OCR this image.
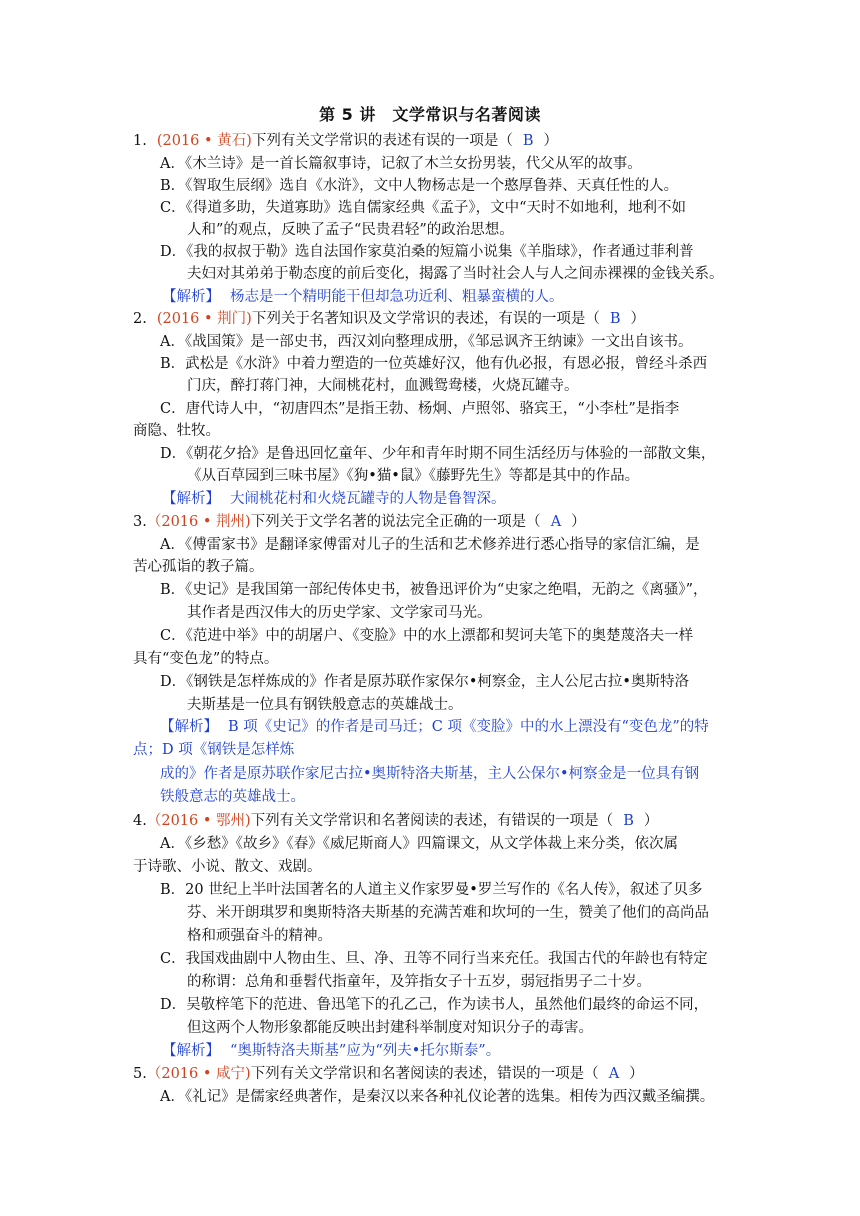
第 5 讲　文学常识与名著阅读
1. (2016 • 黄石)下列有关文学常识的表述有误的一项是（ B ）
A．《木兰诗》是一首长篇叙事诗，记叙了木兰女扮男装，代父从军的故事。
B．《智取生辰纲》选自《水浒》，文中人物杨志是一个憨厚鲁莽、天真任性的人。
C．《得道多助，失道寡助》选自儒家经典《孟子》，文中“天时不如地利，地利不如
人和”的观点，反映了孟子“民贵君轻”的政治思想。
D．《我的叔叔于勒》选自法国作家莫泊桑的短篇小说集《羊脂球》，作者通过菲利普
夫妇对其弟弟于勒态度的前后变化，揭露了当时社会人与人之间赤裸裸的金钱关系。
【解析】 杨志是一个精明能干但却急功近利、粗暴蛮横的人。
2. (2016 • 荆门)下列关于名著知识及文学常识的表述，有误的一项是（ B ）
A．《战国策》是一部史书，西汉刘向整理成册，《邹忌讽齐王纳谏》一文出自该书。
B．武松是《水浒》中着力塑造的一位英雄好汉，他有仇必报，有恩必报，曾经斗杀西
门庆，醉打蒋门神，大闹桃花村，血溅鸳鸯楼，火烧瓦罐寺。
C．唐代诗人中，“初唐四杰”是指王勃、杨炯、卢照邻、骆宾王，“小李杜”是指李
商隐、牡牧。
D．《朝花夕拾》是鲁迅回忆童年、少年和青年时期不同生活经历与体验的一部散文集，
《从百草园到三味书屋》《狗•猫•鼠》《藤野先生》等都是其中的作品。
【解析】 大闹桃花村和火烧瓦罐寺的人物是鲁智深。
3.（2016 • 荆州)下列关于文学名著的说法完全正确的一项是（ A ）
A．《傅雷家书》是翻译家傅雷对儿子的生活和艺术修养进行悉心指导的家信汇编，是
苦心孤诣的教子篇。
B．《史记》是我国第一部纪传体史书，被鲁迅评价为“史家之绝唱，无韵之《离骚》”，
其作者是西汉伟大的历史学家、文学家司马光。
C．《范进中举》中的胡屠户、《变脸》中的水上漂都和契诃夫笔下的奥楚蔑洛夫一样
具有“变色龙”的特点。
D．《钢铁是怎样炼成的》作者是原苏联作家保尔•柯察金，主人公尼古拉•奥斯特洛
夫斯基是一位具有钢铁般意志的英雄战士。
【解析】 B 项《史记》的作者是司马迁；C 项《变脸》中的水上漂没有“变色龙”的特
点；D 项《钢铁是怎样炼
成的》作者是原苏联作家尼古拉•奥斯特洛夫斯基，主人公保尔•柯察金是一位具有钢
铁般意志的英雄战士。
4.（2016 • 鄂州)下列有关文学常识和名著阅读的表述，有错误的一项是（ B ）
A．《乡愁》《故乡》《春》《威尼斯商人》四篇课文，从文学体裁上来分类，依次属
于诗歌、小说、散文、戏剧。
B．20 世纪上半叶法国著名的人道主义作家罗曼•罗兰写作的《名人传》，叙述了贝多
芬、米开朗琪罗和奥斯特洛夫斯基的充满苦难和坎坷的一生，赞美了他们的高尚品
格和顽强奋斗的精神。
C．我国戏曲剧中人物由生、旦、净、丑等不同行当来充任。我国古代的年龄也有特定
的称谓：总角和垂髫代指童年，及笄指女子十五岁，弱冠指男子二十岁。
D．吴敬梓笔下的范进、鲁迅笔下的孔乙己，作为读书人，虽然他们最终的命运不同，
但这两个人物形象都能反映出封建科举制度对知识分子的毒害。
【解析】 “奥斯特洛夫斯基”应为“列夫•托尔斯泰”。
5.（2016 • 咸宁)下列有关文学常识和名著阅读的表述，错误的一项是（ A ）
A．《礼记》是儒家经典著作，是秦汉以来各种礼仪论著的选集。相传为西汉戴圣编撰。
